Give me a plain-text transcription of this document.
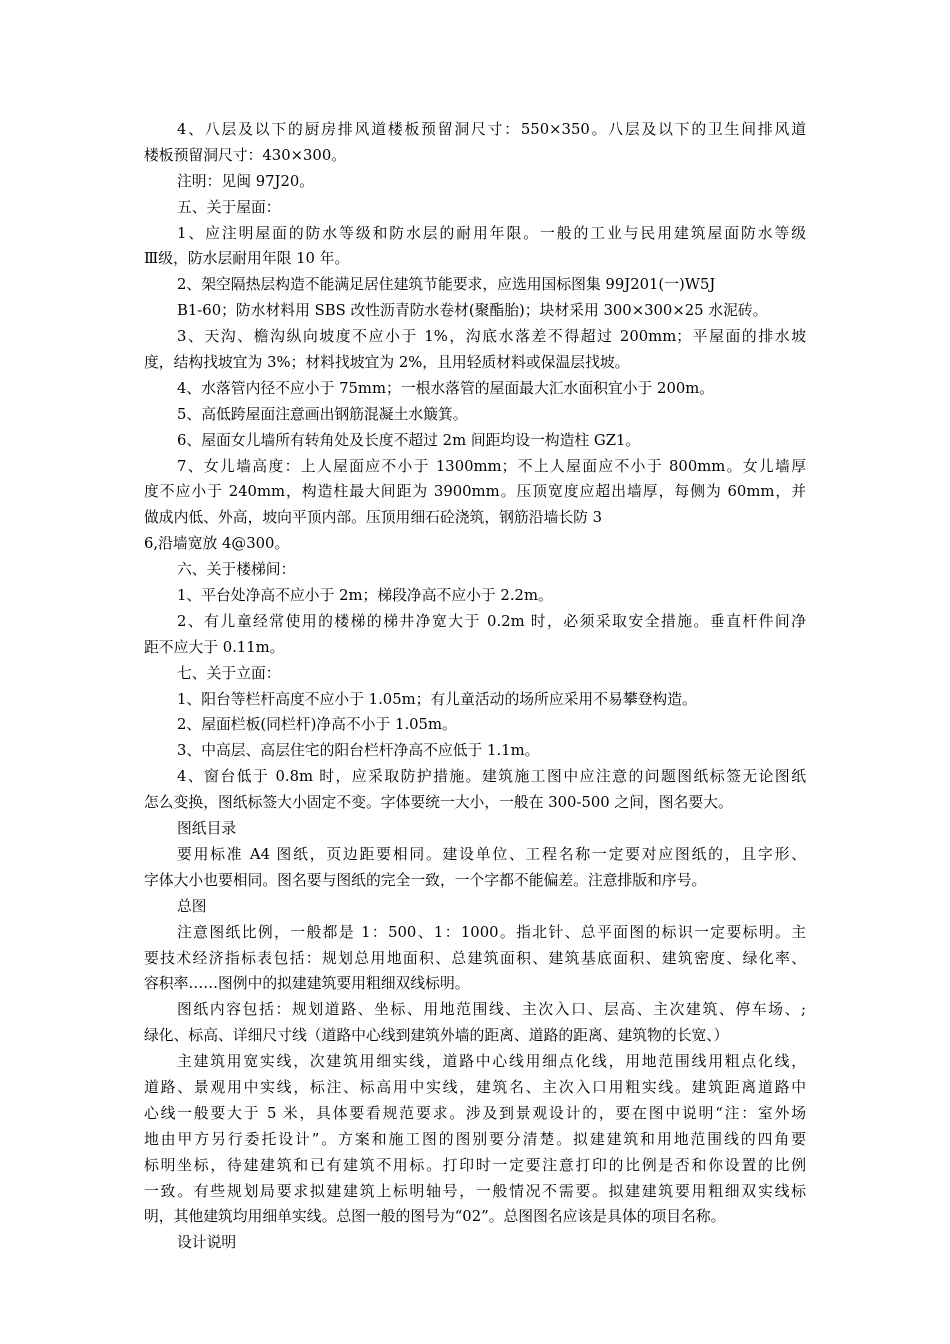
4、八层及以下的厨房排风道楼板预留洞尺寸：550×350。八层及以下的卫生间排风道
楼板预留洞尺寸：430×300。
注明：见闽 97J20。
五、关于屋面：
1、应注明屋面的防水等级和防水层的耐用年限。一般的工业与民用建筑屋面防水等级
Ⅲ级，防水层耐用年限 10 年。
2、架空隔热层构造不能满足居住建筑节能要求，应选用国标图集 99J201(一)W5J
B1-60；防水材料用 SBS 改性沥青防水卷材(聚酯胎)；块材采用 300×300×25 水泥砖。
3、天沟、檐沟纵向坡度不应小于 1%，沟底水落差不得超过 200mm；平屋面的排水坡
度，结构找坡宜为 3%；材料找坡宜为 2%，且用轻质材料或保温层找坡。
4、水落管内径不应小于 75mm；一根水落管的屋面最大汇水面积宜小于 200m。
5、高低跨屋面注意画出钢筋混凝土水簸箕。
6、屋面女儿墙所有转角处及长度不超过 2m 间距均设一构造柱 GZ1。
7、女儿墙高度：上人屋面应不小于 1300mm；不上人屋面应不小于 800mm。女儿墙厚
度不应小于 240mm，构造柱最大间距为 3900mm。压顶宽度应超出墙厚，每侧为 60mm，并
做成内低、外高，坡向平顶内部。压顶用细石砼浇筑，钢筋沿墙长防 3
6,沿墙宽放 4@300。
六、关于楼梯间：
1、平台处净高不应小于 2m；梯段净高不应小于 2.2m。
2、有儿童经常使用的楼梯的梯井净宽大于 0.2m 时，必须采取安全措施。垂直杆件间净
距不应大于 0.11m。
七、关于立面：
1、阳台等栏杆高度不应小于 1.05m；有儿童活动的场所应采用不易攀登构造。
2、屋面栏板(同栏杆)净高不小于 1.05m。
3、中高层、高层住宅的阳台栏杆净高不应低于 1.1m。
4、窗台低于 0.8m 时，应采取防护措施。建筑施工图中应注意的问题图纸标签无论图纸
怎么变换，图纸标签大小固定不变。字体要统一大小，一般在 300-500 之间，图名要大。
图纸目录
要用标准 A4 图纸，页边距要相同。建设单位、工程名称一定要对应图纸的，且字形、
字体大小也要相同。图名要与图纸的完全一致，一个字都不能偏差。注意排版和序号。
总图
注意图纸比例，一般都是 1：500、1：1000。指北针、总平面图的标识一定要标明。主
要技术经济指标表包括：规划总用地面积、总建筑面积、建筑基底面积、建筑密度、绿化率、
容积率……图例中的拟建建筑要用粗细双线标明。
图纸内容包括：规划道路、坐标、用地范围线、主次入口、层高、主次建筑、停车场、;
绿化、标高、详细尺寸线（道路中心线到建筑外墙的距离、道路的距离、建筑物的长宽、）
主建筑用宽实线，次建筑用细实线，道路中心线用细点化线，用地范围线用粗点化线，
道路、景观用中实线，标注、标高用中实线，建筑名、主次入口用粗实线。建筑距离道路中
心线一般要大于 5 米，具体要看规范要求。涉及到景观设计的，要在图中说明“注：室外场
地由甲方另行委托设计”。方案和施工图的图别要分清楚。拟建建筑和用地范围线的四角要
标明坐标，待建建筑和已有建筑不用标。打印时一定要注意打印的比例是否和你设置的比例
一致。有些规划局要求拟建建筑上标明轴号，一般情况不需要。拟建建筑要用粗细双实线标
明，其他建筑均用细单实线。总图一般的图号为“02”。总图图名应该是具体的项目名称。
设计说明
